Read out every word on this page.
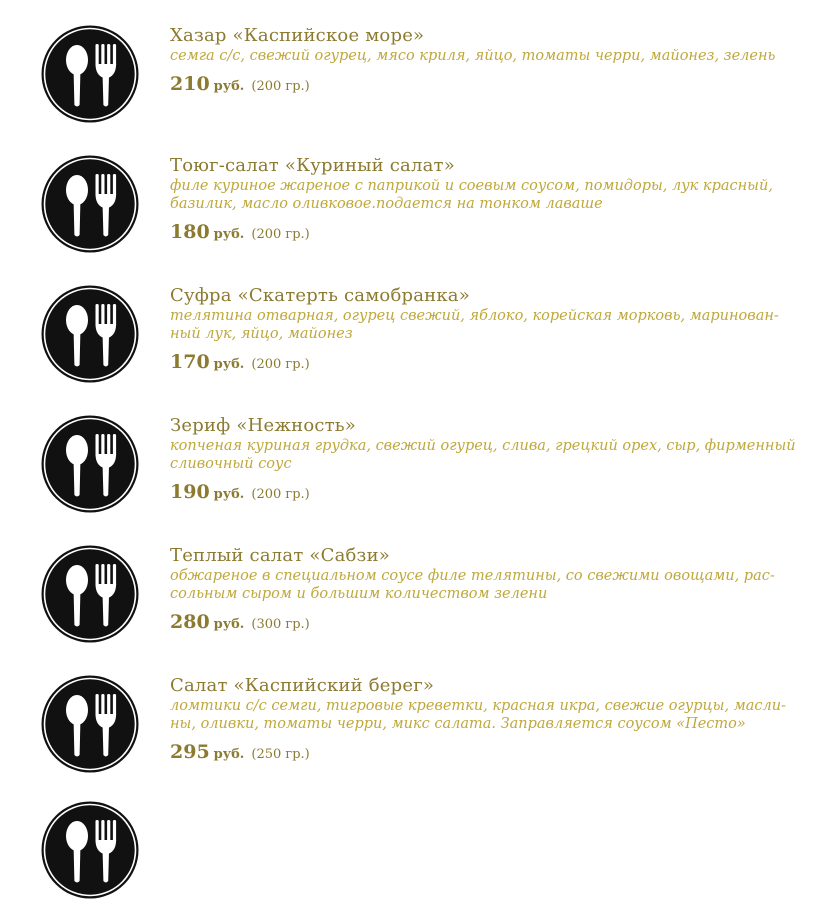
Хазар «Каспийское море»
семга с/с, свежий огурец, мясо криля, яйцо, томаты черри, майонез, зелень
210 руб. (200 гр.)
Тоюг-салат «Куриный салат»
филе куриное жареное с паприкой и соевым соусом, помидоры, лук красный,
базилик, масло оливковое.подается на тонком лаваше
180 руб. (200 гр.)
Суфра «Скатерть самобранка»
телятина отварная, огурец свежий, яблоко, корейская морковь, маринован-
ный лук, яйцо, майонез
170 руб. (200 гр.)
Зериф «Нежность»
копченая куриная грудка, свежий огурец, слива, грецкий орех, сыр, фирменный
сливочный соус
190 руб. (200 гр.)
Теплый салат «Сабзи»
обжареное в специальном соусе филе телятины, со свежими овощами, рас-
сольным сыром и большим количеством зелени
280 руб. (300 гр.)
Салат «Каспийский берег»
ломтики с/с семги, тигровые креветки, красная икра, свежие огурцы, масли-
ны, оливки, томаты черри, микс салата. Заправляется соусом «Песто»
295 руб. (250 гр.)
